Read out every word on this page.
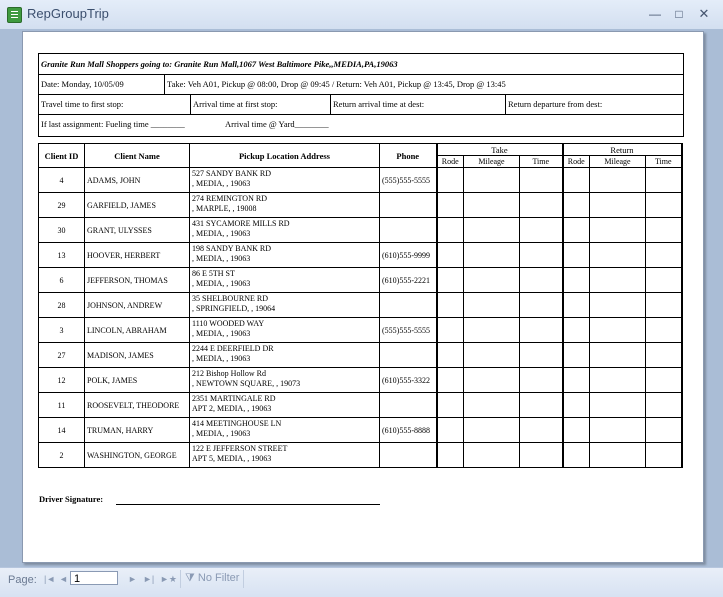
RepGroupTrip	—	□	✕
Granite Run Mall Shoppers going to: Granite Run Mall,1067 West Baltimore Pike,,MEDIA,PA,19063
Date: Monday, 10/05/09	Take: Veh A01, Pickup @ 08:00, Drop @ 09:45 / Return: Veh A01, Pickup @ 13:45, Drop @ 13:45
Travel time to first stop:	Arrival time at first stop:	Return arrival time at dest:	Return departure from dest:
If last assignment: Fueling time ________	Arrival time @ Yard________
Client ID	Client Name	Pickup Location Address	Phone	Take			Return		
				Rode	Mileage	Time	Rode	Mileage	Time
4	ADAMS, JOHN	527 SANDY BANK RD
, MEDIA, , 19063	(555)555-5555						
29	GARFIELD, JAMES	274 REMINGTON RD
, MARPLE, , 19008							

30	GRANT, ULYSSES	431 SYCAMORE MILLS RD
, MEDIA, , 19063							

13	HOOVER, HERBERT	198 SANDY BANK RD
, MEDIA, , 19063	(610)555-9999						
6	JEFFERSON, THOMAS	86 E 5TH ST
, MEDIA, , 19063	(610)555-2221						
28	JOHNSON, ANDREW	35 SHELBOURNE RD
, SPRINGFIELD, , 19064							

3	LINCOLN, ABRAHAM	1110 WOODED WAY
, MEDIA, , 19063	(555)555-5555						
27	MADISON, JAMES	2244 E DEERFIELD DR
, MEDIA, , 19063							

12	POLK, JAMES	212 Bishop Hollow Rd
, NEWTOWN SQUARE, , 19073	(610)555-3322						
11	ROOSEVELT, THEODORE	2351 MARTINGALE RD
APT 2, MEDIA, , 19063							

14	TRUMAN, HARRY	414 MEETINGHOUSE LN
, MEDIA, , 19063	(610)555-8888						
2	WASHINGTON, GEORGE	122 E JEFFERSON STREET
APT 5, MEDIA, , 19063							

Driver Signature:
Page: |◄ ◄ 1	► ►| ►★ ⧩ No Filter
